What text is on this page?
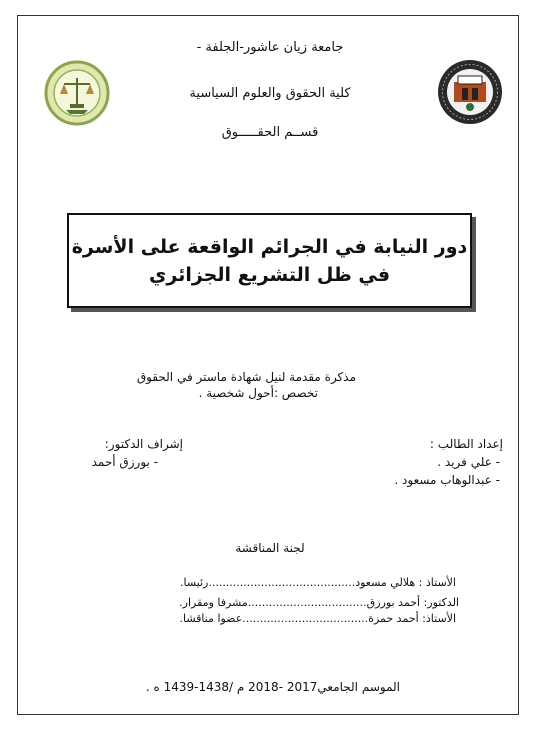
جامعة زيان عاشور-الجلفة -
كلية الحقوق والعلوم السياسية
قســم الحقـــــوق
دور النيابة في الجرائم الواقعة على الأسرة
في ظل التشريع الجزائري
مذكرة مقدمة لنيل شهادة ماستر في الحقوق
تخصص :أحول شخصية .
إعداد الطالب :
- علي فريد .
- عبدالوهاب مسعود .
إشراف الدكتور:
- بورزق أحمد
لجنة المناقشة
الأستاذ : هلالي مسعود..........................................رئيسا.
الدكتور: أحمد بورزق..................................مشرفا ومقرار.
الأستاذ: أحمد حمزة....................................عضوا مناقشا.
الموسم الجامعي2017 -2018 م /1438-1439 ه .
